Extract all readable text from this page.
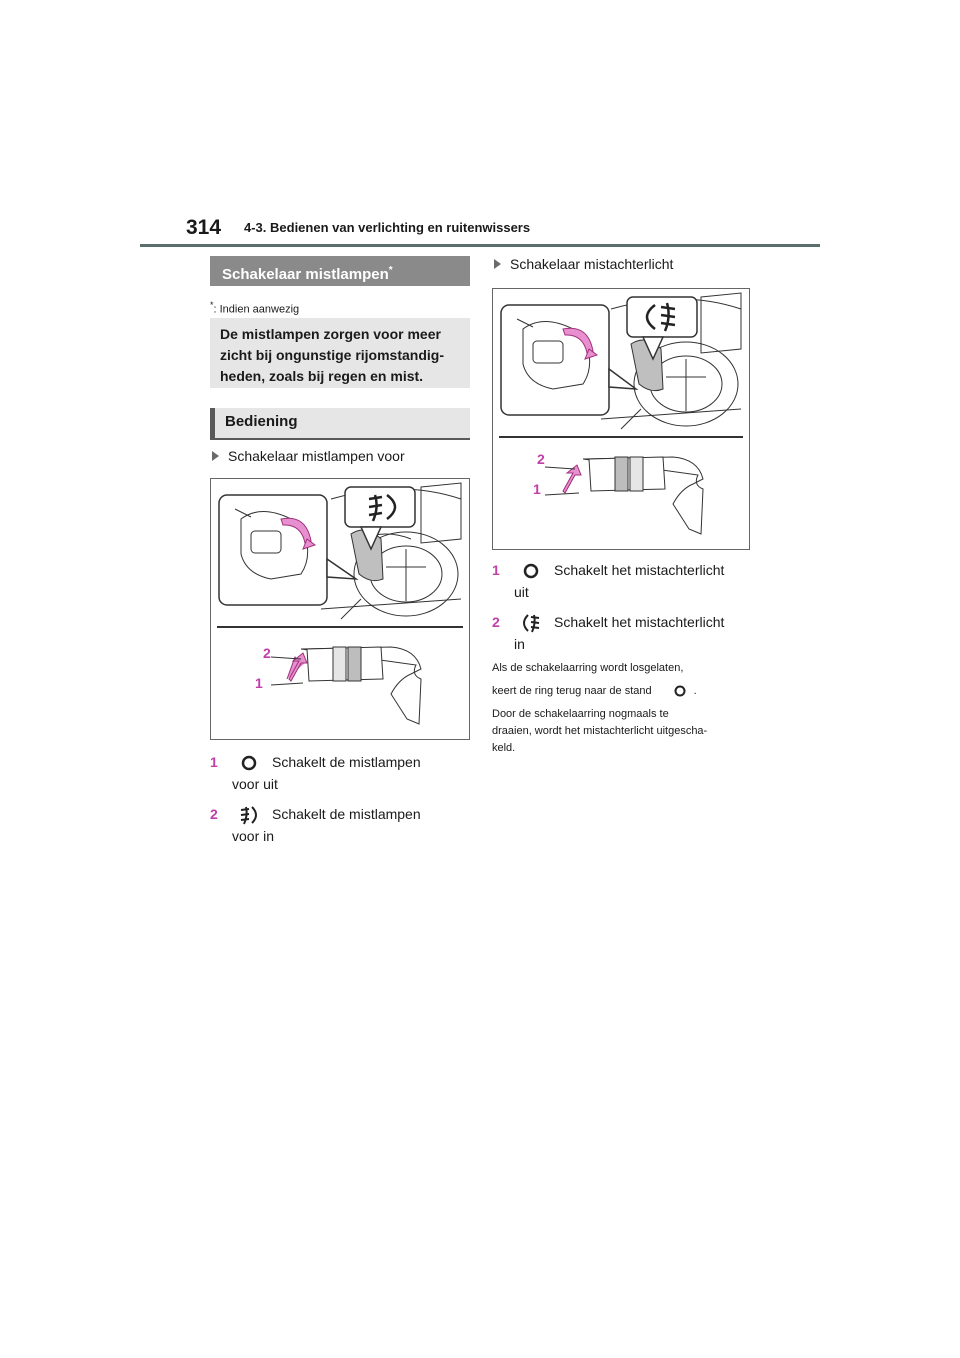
314 4-3. Bedienen van verlichting en ruitenwissers
Schakelaar mistlampen*
*: Indien aanwezig
De mistlampen zorgen voor meer
zicht bij ongunstige rijomstandig-
heden, zoals bij regen en mist.
Bediening
Schakelaar mistlampen voor
2
1
1	Schakelt de mistlampen
voor uit
2	Schakelt de mistlampen
voor in
Schakelaar mistachterlicht
2
1
1	Schakelt het mistachterlicht
uit
2	Schakelt het mistachterlicht
in
Als de schakelaarring wordt losgelaten,
keert de ring terug naar de stand	.
Door de schakelaarring nogmaals te
draaien, wordt het mistachterlicht uitgescha-
keld.
